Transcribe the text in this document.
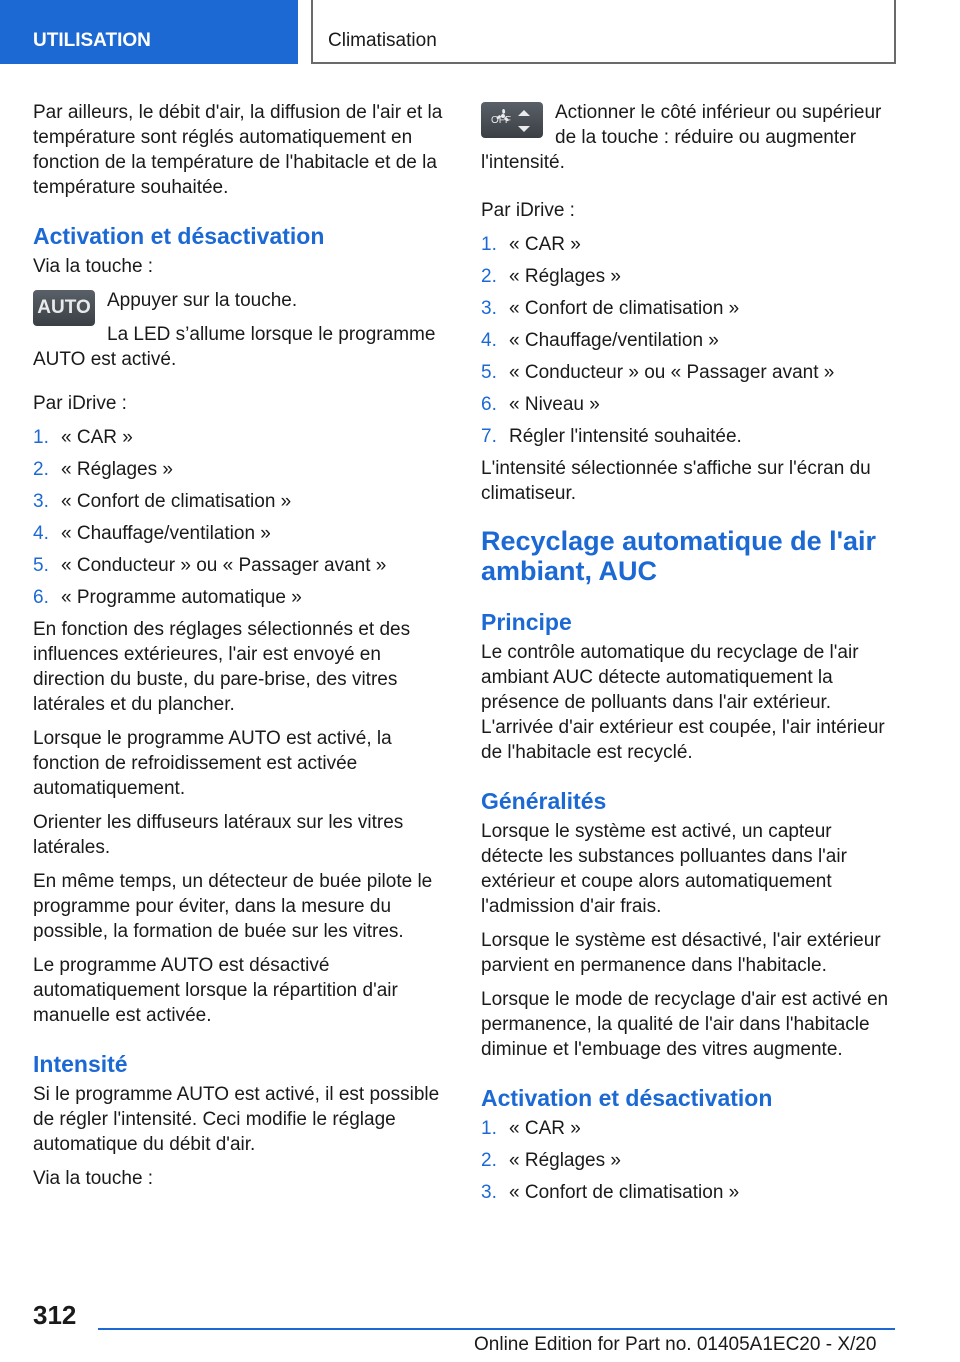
UTILISATION	Climatisation

Par ailleurs, le débit d'air, la diffusion de l'air et la température sont réglés automatiquement en fonction de la température de l'habitacle et de la température souhaitée.

Activation et désactivation

Via la touche :

AUTO Appuyer sur la touche.

La LED s’allume lorsque le programme AUTO est activé.

Par iDrive :

1. « CAR »
2. « Réglages »
3. « Confort de climatisation »
4. « Chauffage/ventilation »
5. « Conducteur » ou « Passager avant »
6. « Programme automatique »

En fonction des réglages sélectionnés et des influences extérieures, l'air est envoyé en direction du buste, du pare-brise, des vitres latérales et du plancher.

Lorsque le programme AUTO est activé, la fonction de refroidissement est activée automatiquement.

Orienter les diffuseurs latéraux sur les vitres latérales.

En même temps, un détecteur de buée pilote le programme pour éviter, dans la mesure du possible, la formation de buée sur les vitres.

Le programme AUTO est désactivé automatiquement lorsque la répartition d'air manuelle est activée.

Intensité

Si le programme AUTO est activé, il est possible de régler l'intensité. Ceci modifie le réglage automatique du débit d'air.

Via la touche :

OFF	Actionner le côté inférieur ou supérieur de la touche : réduire ou augmenter l'intensité.

Par iDrive :

1. « CAR »
2. « Réglages »
3. « Confort de climatisation »
4. « Chauffage/ventilation »
5. « Conducteur » ou « Passager avant »
6. « Niveau »
7. Régler l'intensité souhaitée.

L'intensité sélectionnée s'affiche sur l'écran du climatiseur.

Recyclage automatique de l'air ambiant, AUC
Principe

Le contrôle automatique du recyclage de l'air ambiant AUC détecte automatiquement la présence de polluants dans l'air extérieur. L'arrivée d'air extérieur est coupée, l'air intérieur de l'habitacle est recyclé.

Généralités

Lorsque le système est activé, un capteur détecte les substances polluantes dans l'air extérieur et coupe alors automatiquement l'admission d'air frais.

Lorsque le système est désactivé, l'air extérieur parvient en permanence dans l'habitacle.

Lorsque le mode de recyclage d'air est activé en permanence, la qualité de l'air dans l'habitacle diminue et l'embuage des vitres augmente.

Activation et désactivation
1. « CAR »
2. « Réglages »
3. « Confort de climatisation »
312
Online Edition for Part no. 01405A1EC20 - X/20
